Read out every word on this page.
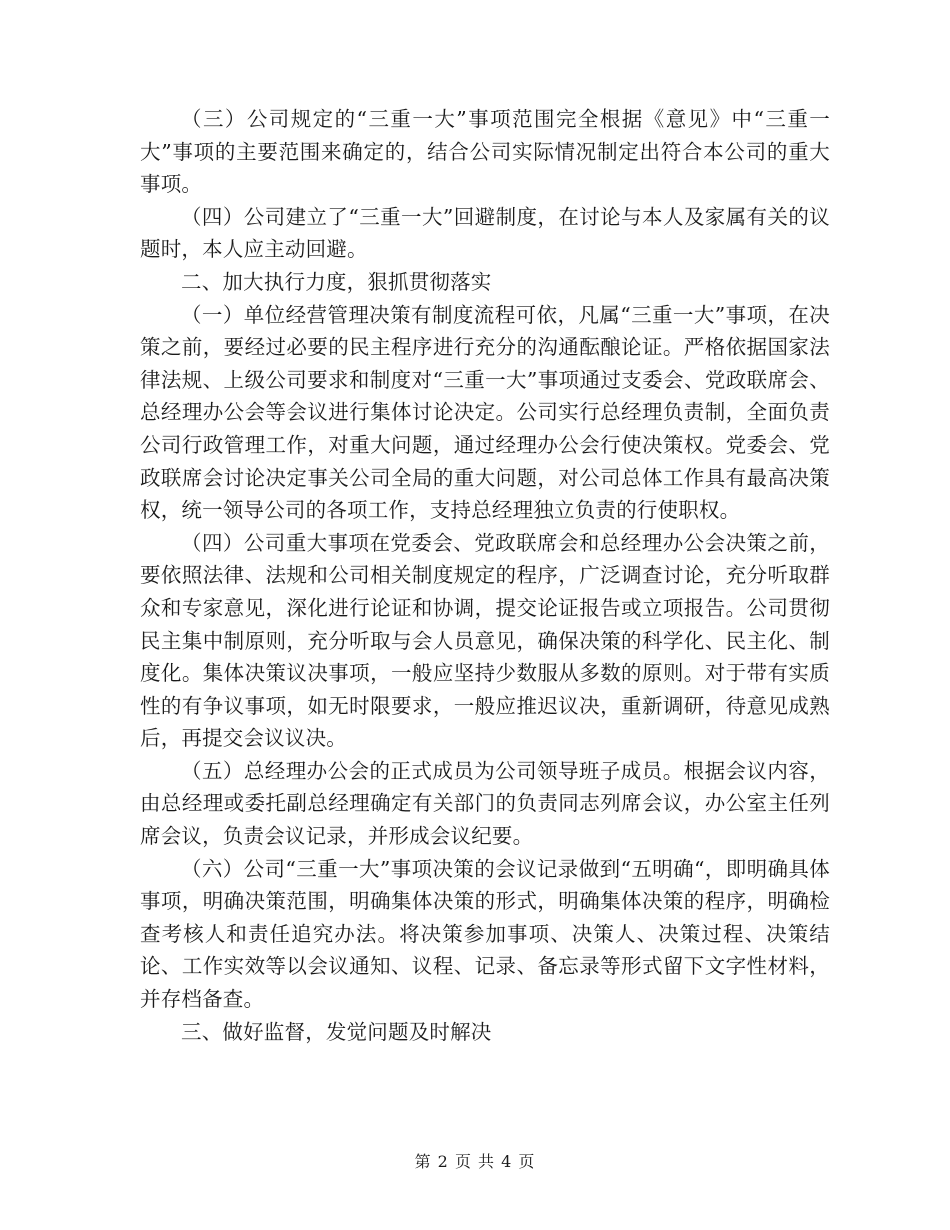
（三）公司规定的“三重一大”事项范围完全根据《意见》中“三重一大”事项的主要范围来确定的，结合公司实际情况制定出符合本公司的重大事项。

（四）公司建立了“三重一大”回避制度，在讨论与本人及家属有关的议题时，本人应主动回避。

二、加大执行力度，狠抓贯彻落实

（一）单位经营管理决策有制度流程可依，凡属“三重一大”事项，在决策之前，要经过必要的民主程序进行充分的沟通酝酿论证。严格依据国家法律法规、上级公司要求和制度对“三重一大”事项通过支委会、党政联席会、总经理办公会等会议进行集体讨论决定。公司实行总经理负责制，全面负责公司行政管理工作，对重大问题，通过经理办公会行使决策权。党委会、党政联席会讨论决定事关公司全局的重大问题，对公司总体工作具有最高决策权，统一领导公司的各项工作，支持总经理独立负责的行使职权。

（四）公司重大事项在党委会、党政联席会和总经理办公会决策之前，要依照法律、法规和公司相关制度规定的程序，广泛调查讨论，充分听取群众和专家意见，深化进行论证和协调，提交论证报告或立项报告。公司贯彻民主集中制原则，充分听取与会人员意见，确保决策的科学化、民主化、制度化。集体决策议决事项，一般应坚持少数服从多数的原则。对于带有实质性的有争议事项，如无时限要求，一般应推迟议决，重新调研，待意见成熟后，再提交会议议决。

（五）总经理办公会的正式成员为公司领导班子成员。根据会议内容，由总经理或委托副总经理确定有关部门的负责同志列席会议，办公室主任列席会议，负责会议记录，并形成会议纪要。

（六）公司“三重一大”事项决策的会议记录做到“五明确“，即明确具体事项，明确决策范围，明确集体决策的形式，明确集体决策的程序，明确检查考核人和责任追究办法。将决策参加事项、决策人、决策过程、决策结论、工作实效等以会议通知、议程、记录、备忘录等形式留下文字性材料，并存档备查。

三、做好监督，发觉问题及时解决

第 2 页 共 4 页
